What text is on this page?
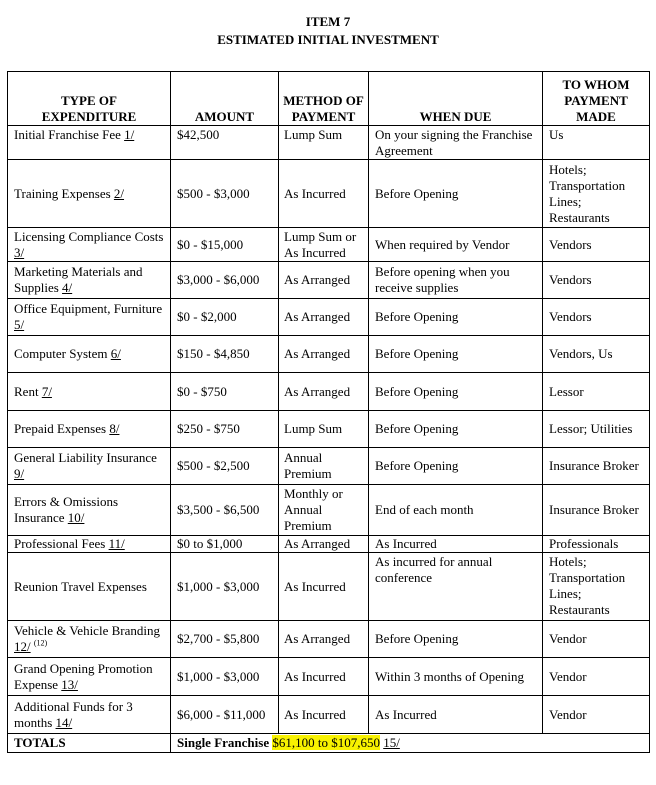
ITEM 7
ESTIMATED INITIAL INVESTMENT
TYPE OF EXPENDITURE	AMOUNT	METHOD OF PAYMENT	WHEN DUE	TO WHOM PAYMENT MADE
Initial Franchise Fee 1/	$42,500	Lump Sum	On your signing the Franchise Agreement	Us
Training Expenses 2/	$500 - $3,000	As Incurred	Before Opening	Hotels; Transportation Lines; Restaurants
Licensing Compliance Costs 3/	$0 - $15,000	Lump Sum or As Incurred	When required by Vendor	Vendors
Marketing Materials and Supplies 4/	$3,000 - $6,000	As Arranged	Before opening when you receive supplies	Vendors
Office Equipment, Furniture 5/	$0 - $2,000	As Arranged	Before Opening	Vendors
Computer System 6/	$150 - $4,850	As Arranged	Before Opening	Vendors, Us
Rent 7/	$0 - $750	As Arranged	Before Opening	Lessor
Prepaid Expenses 8/	$250 - $750	Lump Sum	Before Opening	Lessor; Utilities
General Liability Insurance 9/	$500 - $2,500	Annual Premium	Before Opening	Insurance Broker
Errors & Omissions Insurance 10/	$3,500 - $6,500	Monthly or Annual Premium	End of each month	Insurance Broker
Professional Fees 11/	$0 to $1,000	As Arranged	As Incurred	Professionals
Reunion Travel Expenses	$1,000 - $3,000	As Incurred	As incurred for annual conference	Hotels; Transportation Lines; Restaurants
Vehicle & Vehicle Branding 12/ $^{(12)}$	$2,700 - $5,800	As Arranged	Before Opening	Vendor
Grand Opening Promotion Expense 13/	$1,000 - $3,000	As Incurred	Within 3 months of Opening	Vendor
Additional Funds for 3 months 14/	$6,000 - $11,000	As Incurred	As Incurred	Vendor
TOTALS	Single Franchise $61,100 to $107,650 15/			
